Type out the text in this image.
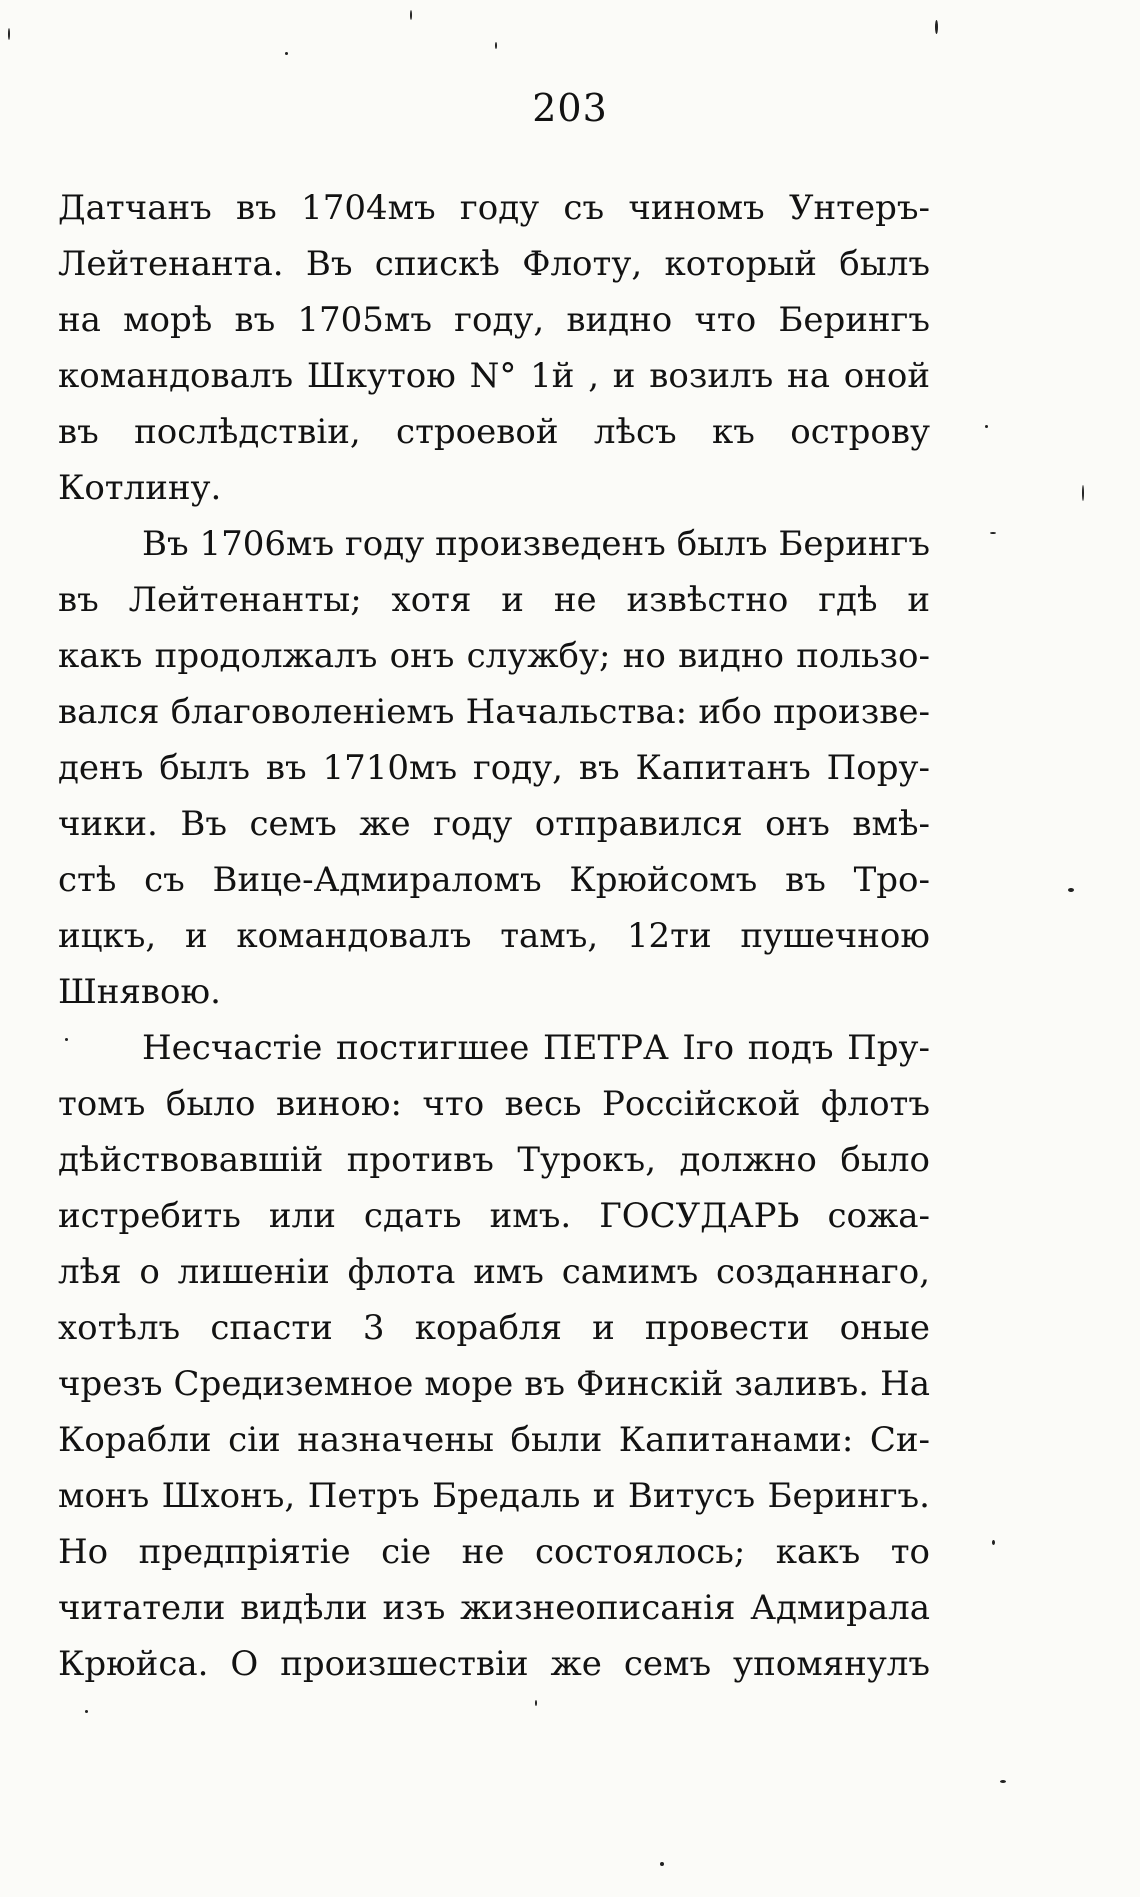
203
Датчанъ въ 1704мъ году съ чиномъ Унтеръ-
Лейтенанта. Въ спискѣ Флоту, который былъ
на морѣ въ 1705мъ году, видно что Берингъ
командовалъ Шкутою N° 1й , и возилъ на оной
въ послѣдствіи, строевой лѣсъ къ острову
Котлину.
Въ 1706мъ году произведенъ былъ Берингъ
въ Лейтенанты; хотя и не извѣстно гдѣ и
какъ продолжалъ онъ службу; но видно пользо-
вался благоволеніемъ Начальства: ибо произве-
денъ былъ въ 1710мъ году, въ Капитанъ Пору-
чики. Въ семъ же году отправился онъ вмѣ-
стѣ съ Вице-Адмираломъ Крюйсомъ въ Тро-
ицкъ, и командовалъ тамъ, 12ти пушечною
Шнявою.
Несчастіе постигшее ПЕТРА Iго подъ Пру-
томъ было виною: что весь Россійской флотъ
дѣйствовавшій противъ Турокъ, должно было
истребить или сдать имъ. ГОСУДАРЬ сожа-
лѣя о лишеніи флота имъ самимъ созданнаго,
хотѣлъ спасти 3 корабля и провести оные
чрезъ Средиземное море въ Финскій заливъ. На
Корабли сіи назначены были Капитанами: Си-
монъ Шхонъ, Петръ Бредаль и Витусъ Берингъ.
Но предпріятіе сіе не состоялось; какъ то
читатели видѣли изъ жизнеописанія Адмирала
Крюйса. О произшествіи же семъ упомянулъ
